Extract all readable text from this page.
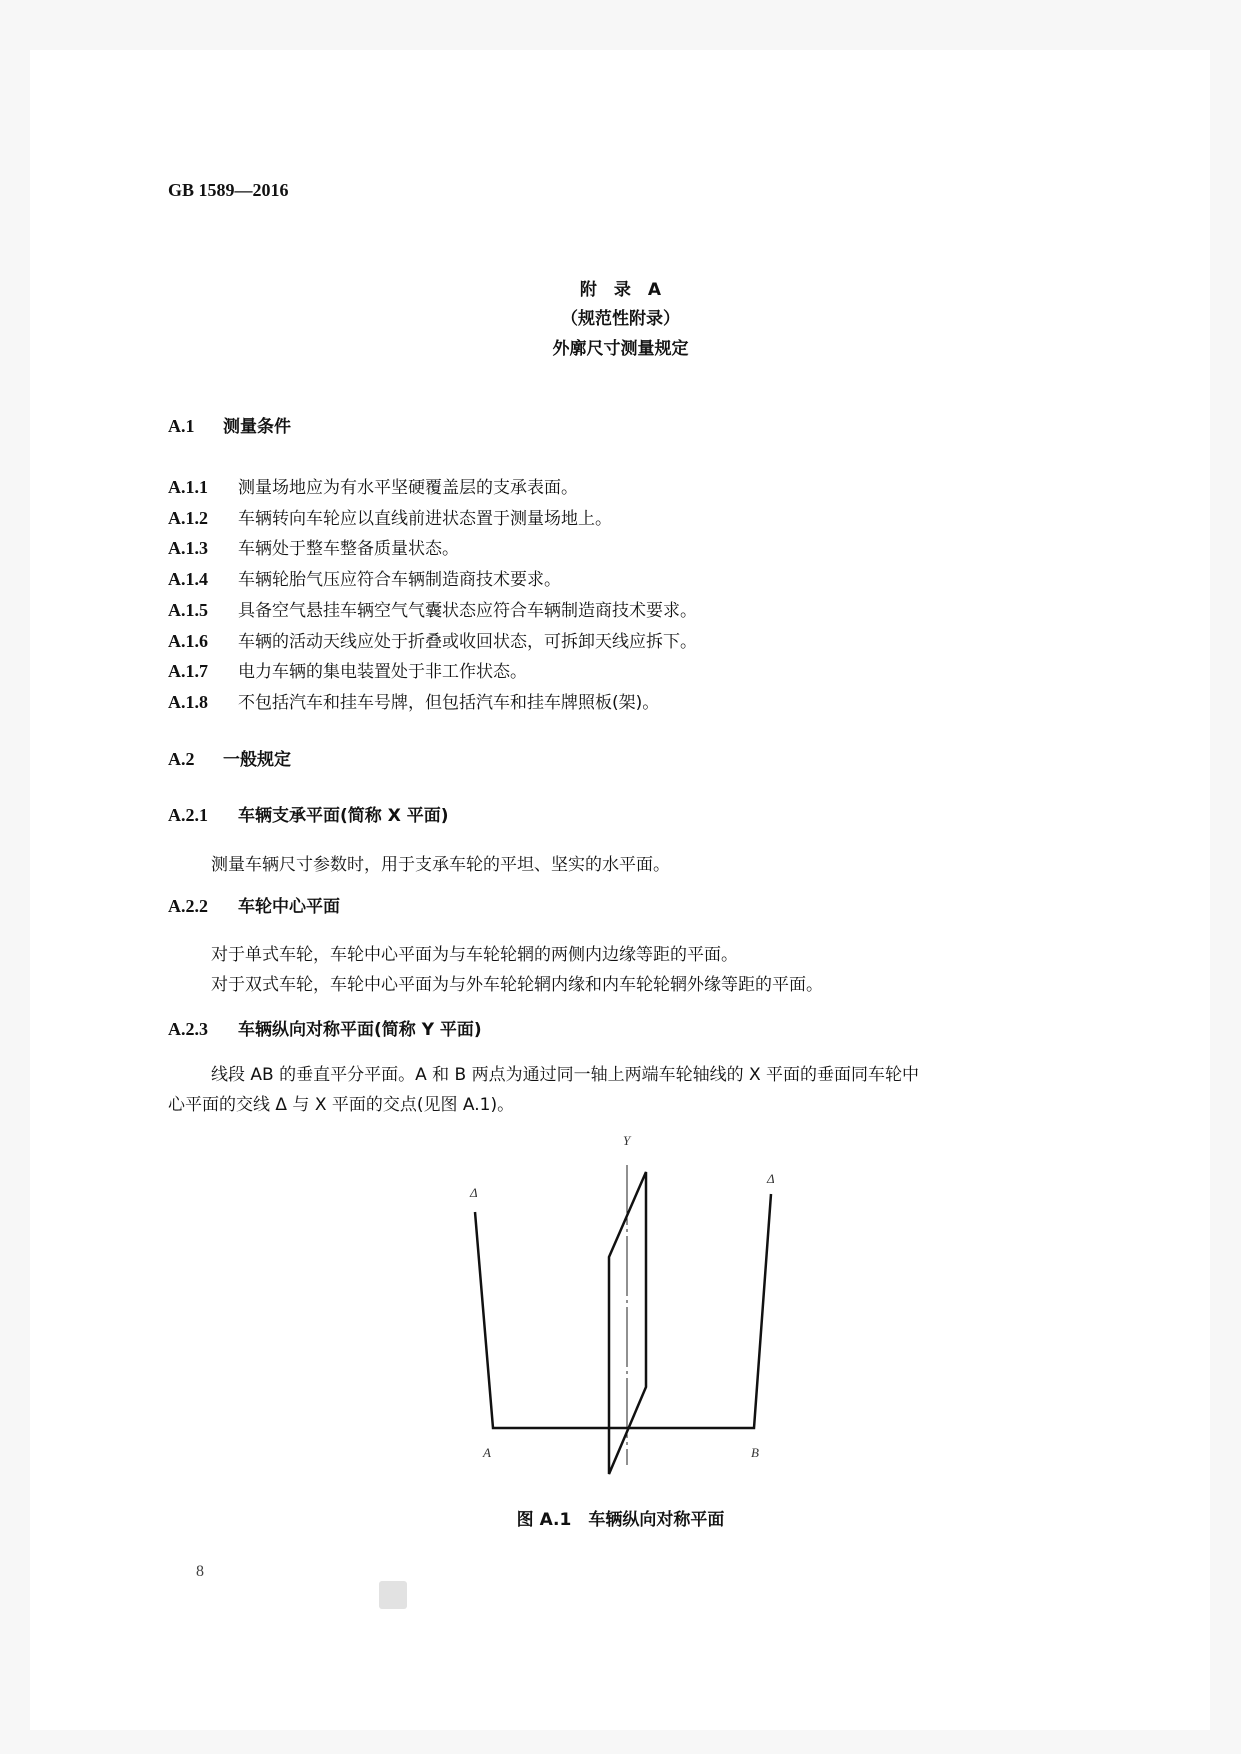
GB 1589—2016
附　录　A
（规范性附录）
外廓尺寸测量规定
A.1 测量条件
A.1.1 测量场地应为有水平坚硬覆盖层的支承表面。
A.1.2 车辆转向车轮应以直线前进状态置于测量场地上。
A.1.3 车辆处于整车整备质量状态。
A.1.4 车辆轮胎气压应符合车辆制造商技术要求。
A.1.5 具备空气悬挂车辆空气气囊状态应符合车辆制造商技术要求。
A.1.6 车辆的活动天线应处于折叠或收回状态，可拆卸天线应拆下。
A.1.7 电力车辆的集电装置处于非工作状态。
A.1.8 不包括汽车和挂车号牌，但包括汽车和挂车牌照板(架)。
A.2 一般规定
A.2.1 车辆支承平面(简称 X 平面)
测量车辆尺寸参数时，用于支承车轮的平坦、坚实的水平面。
A.2.2 车轮中心平面
对于单式车轮，车轮中心平面为与车轮轮辋的两侧内边缘等距的平面。
对于双式车轮，车轮中心平面为与外车轮轮辋内缘和内车轮轮辋外缘等距的平面。
A.2.3 车辆纵向对称平面(简称 Y 平面)
线段 AB 的垂直平分平面。A 和 B 两点为通过同一轴上两端车轮轴线的 X 平面的垂面同车轮中
心平面的交线 Δ 与 X 平面的交点(见图 A.1)。
Y
Δ
Δ
A	B
图 A.1　车辆纵向对称平面
8
